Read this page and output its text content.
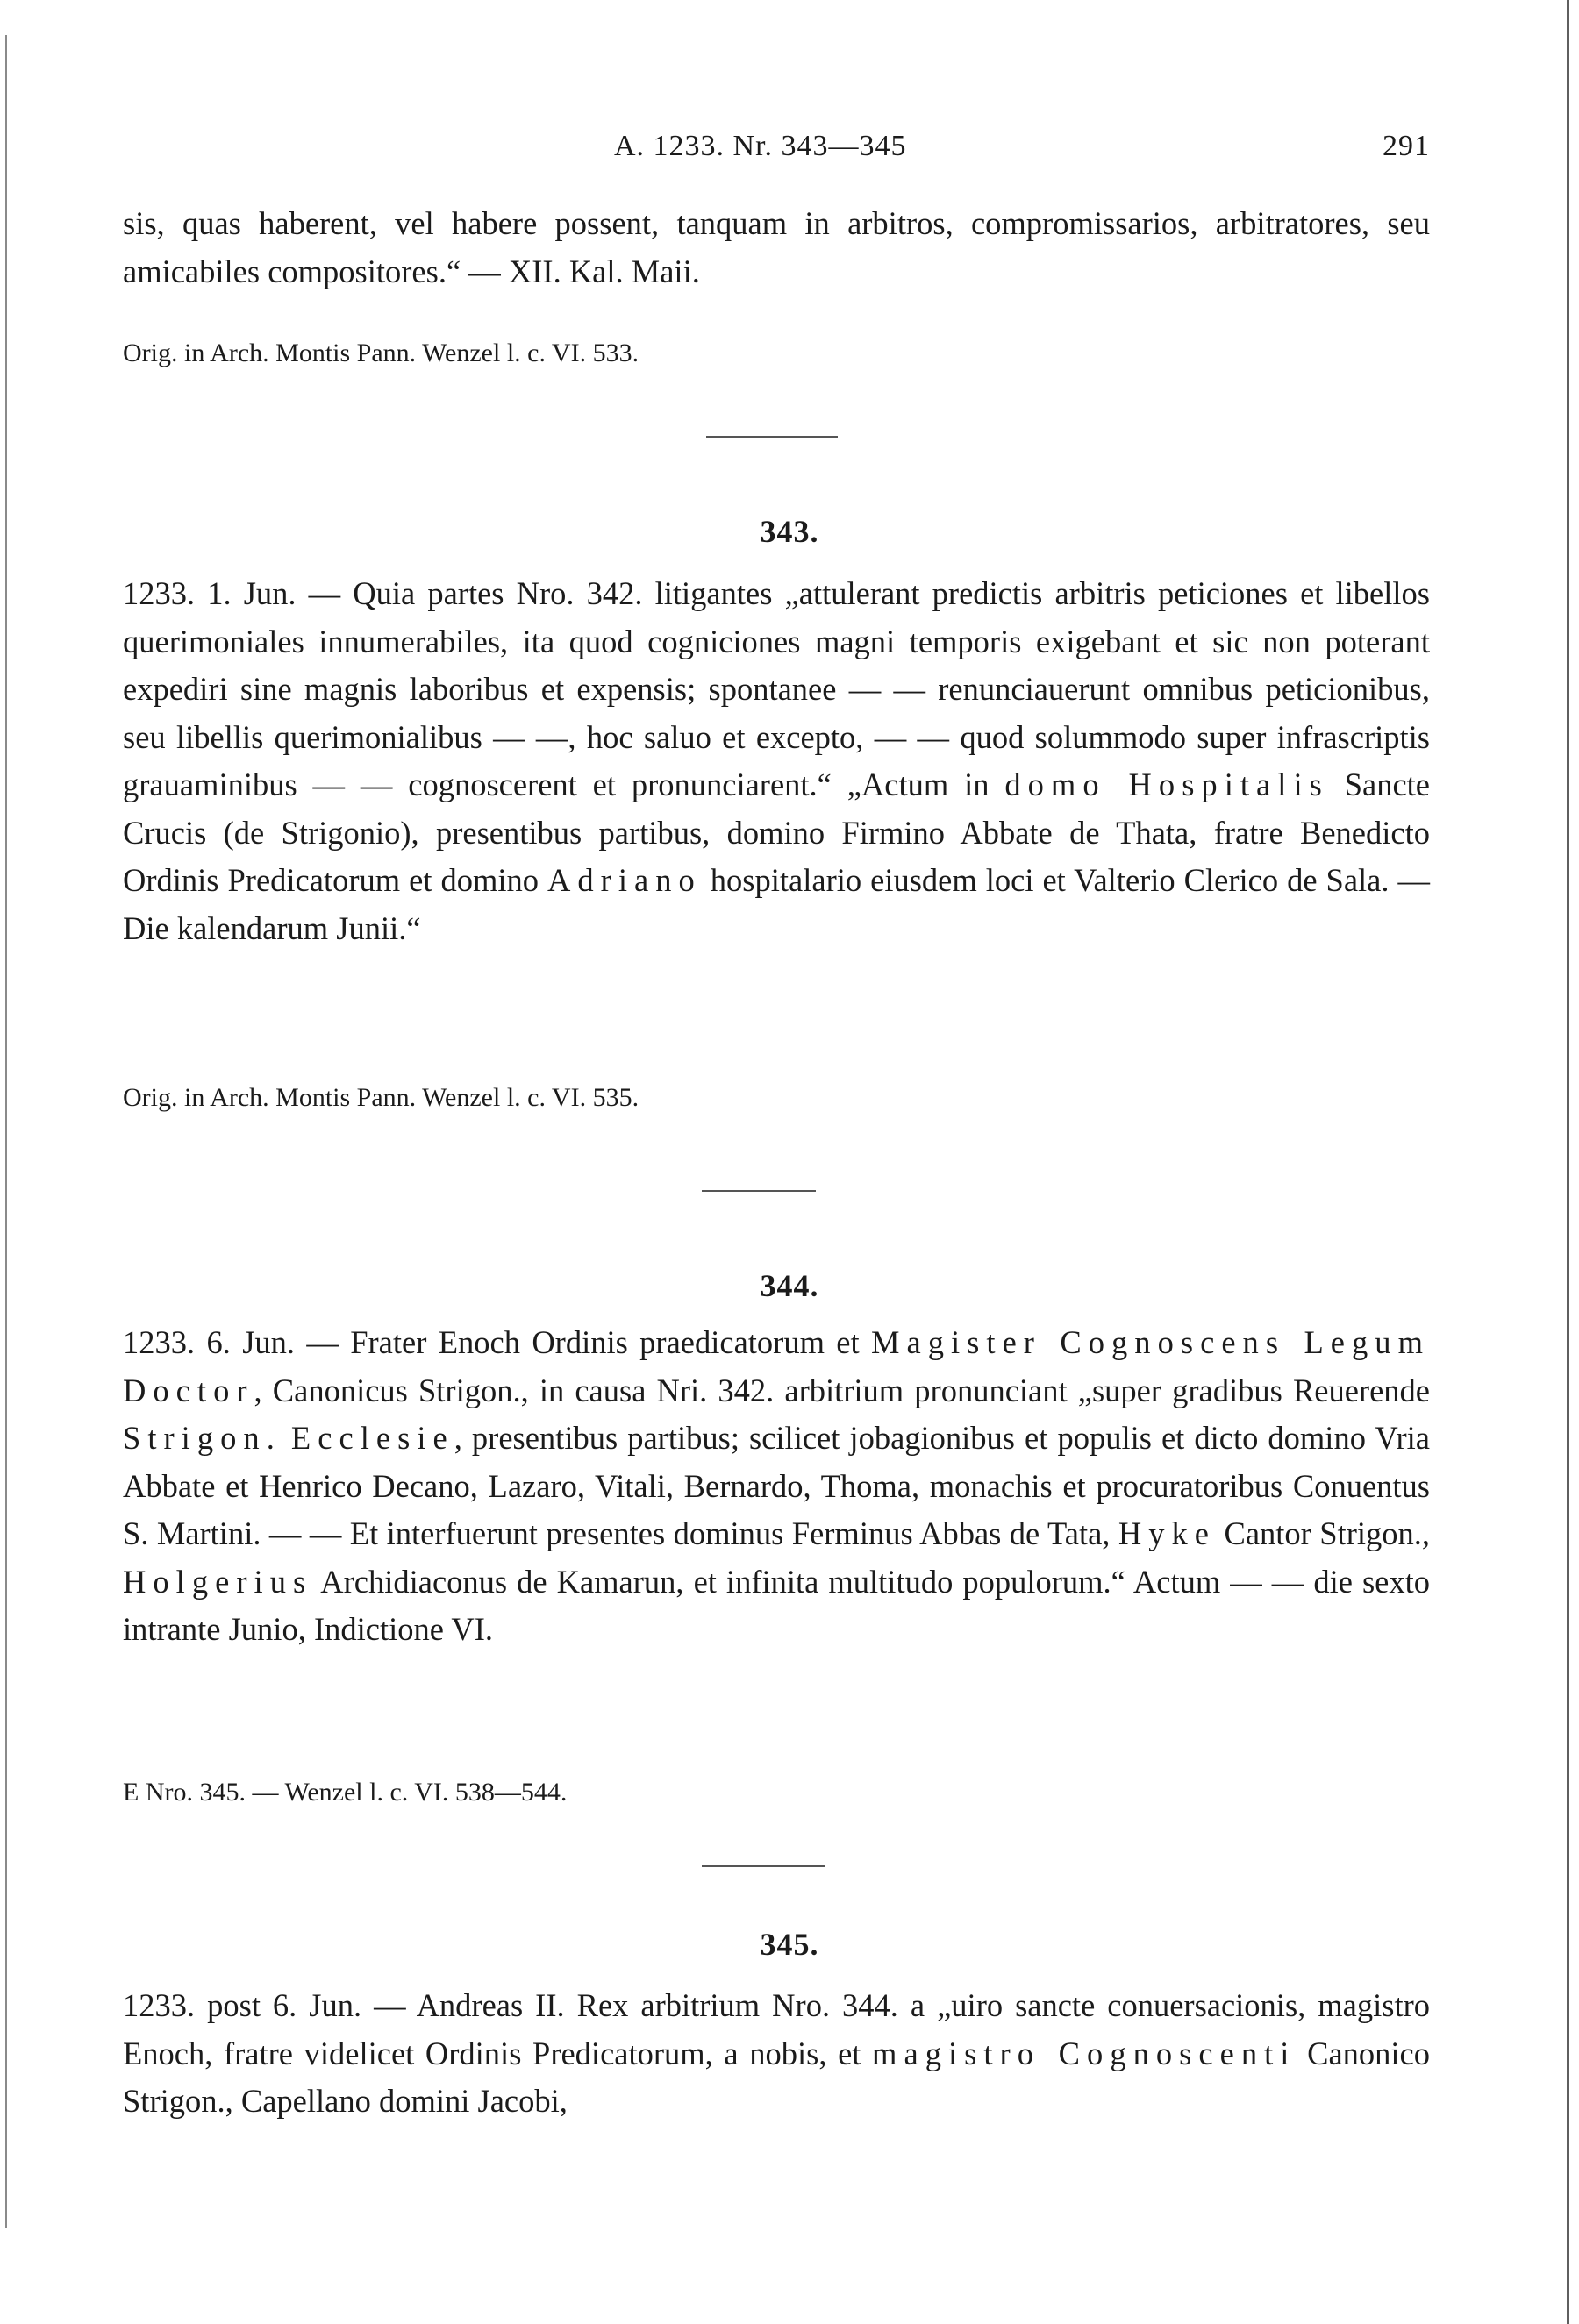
A. 1233. Nr. 343—345	291

sis, quas haberent, vel habere possent, tanquam in arbitros, compromissarios, arbitratores, seu amicabiles compositores.“ — XII. Kal. Maii.

Orig. in Arch. Montis Pann. Wenzel l. c. VI. 533.

343.

1233. 1. Jun. — Quia partes Nro. 342. litigantes „attulerant predictis arbitris peticiones et libellos querimoniales innumerabiles, ita quod cogniciones magni temporis exigebant et sic non poterant expediri sine magnis laboribus et expensis; spontanee — — renunciauerunt omnibus peticionibus, seu libellis querimonialibus — —, hoc saluo et excepto, — — quod solummodo super infrascriptis grauaminibus — — cognoscerent et pronunciarent.“ „Actum in domo Hospitalis Sancte Crucis (de Strigonio), presentibus partibus, domino Firmino Abbate de Thata, fratre Benedicto Ordinis Predicatorum et domino Adriano hospitalario eiusdem loci et Valterio Clerico de Sala. — Die kalendarum Junii.“

Orig. in Arch. Montis Pann. Wenzel l. c. VI. 535.

344.

1233. 6. Jun. — Frater Enoch Ordinis praedicatorum et Magister Cognoscens Legum Doctor, Canonicus Strigon., in causa Nri. 342. arbitrium pronunciant „super gradibus Reuerende Strigon. Ecclesie, presentibus partibus; scilicet jobagionibus et populis et dicto domino Vria Abbate et Henrico Decano, Lazaro, Vitali, Bernardo, Thoma, monachis et procuratoribus Conuentus S. Martini. — — Et interfuerunt presentes dominus Ferminus Abbas de Tata, Hyke Cantor Strigon., Holgerius Archidiaconus de Kamarun, et infinita multitudo populorum.“ Actum — — die sexto intrante Junio, Indictione VI.

E Nro. 345. — Wenzel l. c. VI. 538—544.

345.

1233. post 6. Jun. — Andreas II. Rex arbitrium Nro. 344. a „uiro sancte conuersacionis, magistro Enoch, fratre videlicet Ordinis Predicatorum, a nobis, et magistro Cognoscenti Canonico Strigon., Capellano domini Jacobi,
